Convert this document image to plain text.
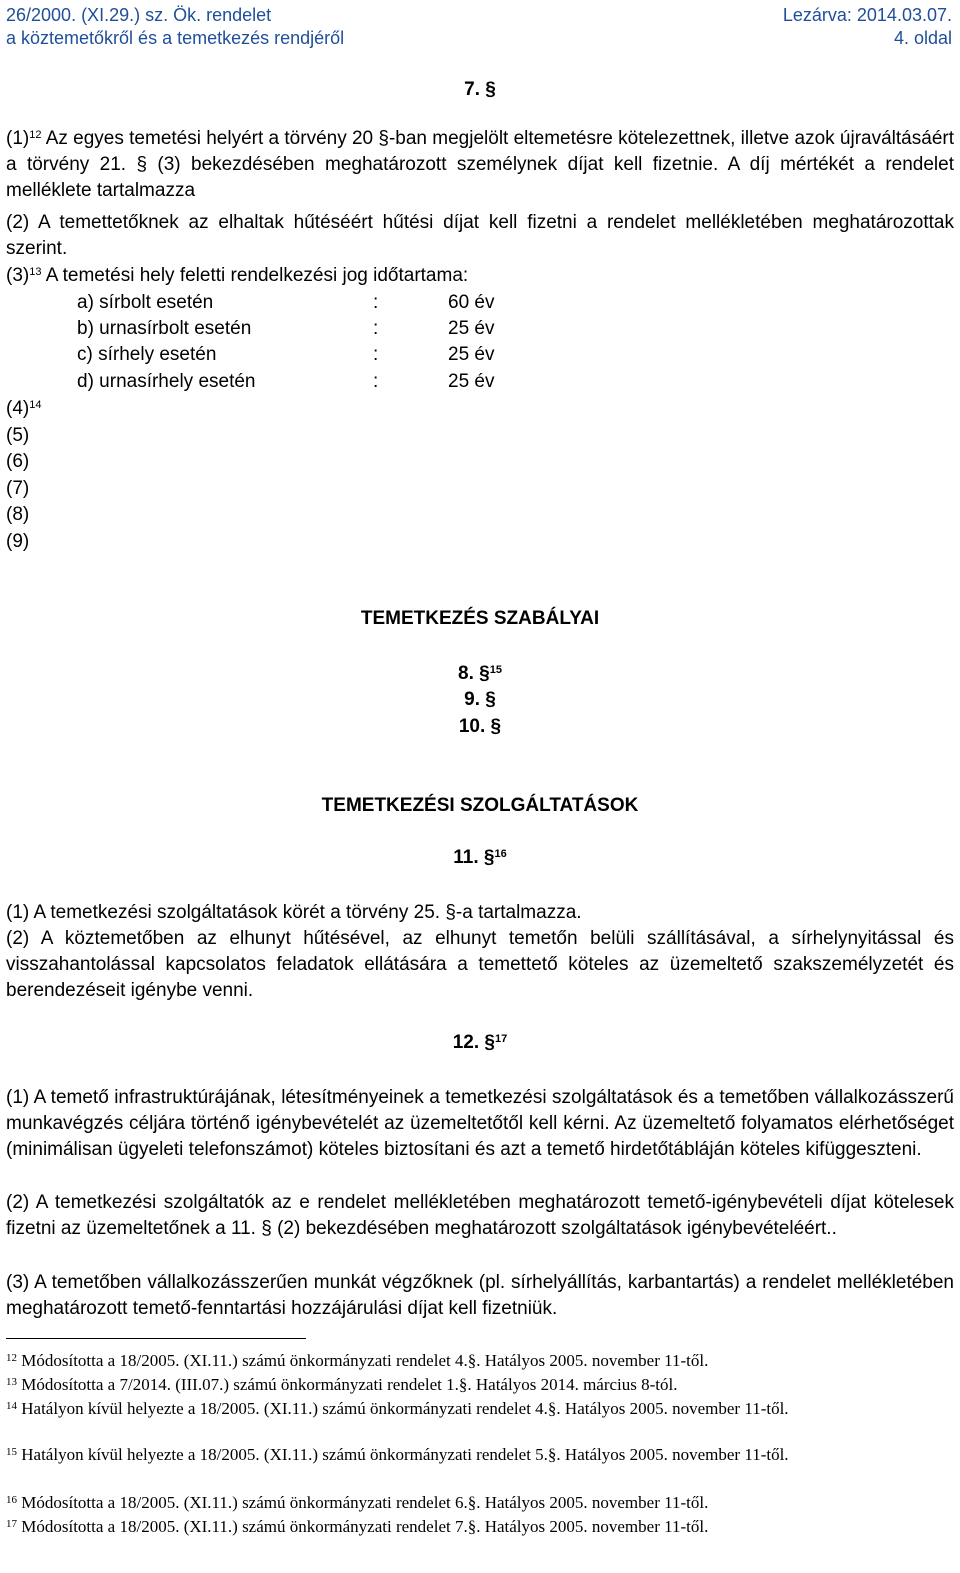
26/2000. (XI.29.) sz. Ök. rendelet
a köztemetőkről és a temetkezés rendjéről
Lezárva: 2014.03.07.
4. oldal
7. §

$(1)^{12}$ Az egyes temetési helyért a törvény 20 §-ban megjelölt eltemetésre kötelezettnek, illetve azok újraváltásáért a törvény 21. § (3) bekezdésében meghatározott személynek díjat kell fizetnie. A díj mértékét a rendelet melléklete tartalmazza

(2) A temettetőknek az elhaltak hűtéséért hűtési díjat kell fizetni a rendelet mellékletében meghatározottak szerint.

$(3)^{13}$ A temetési hely feletti rendelkezési jog időtartama:

a) sírbolt esetén	:	60 év
b) urnasírbolt esetén	:	25 év
c) sírhely esetén	:	25 év
d) urnasírhely esetén	:	25 év
$(4)^{14}$
(5)
(6)
(7)
(8)
(9)
TEMETKEZÉS SZABÁLYAI
8. §$^{15}$
9. §
10. §
TEMETKEZÉSI SZOLGÁLTATÁSOK
11. §$^{16}$

(1) A temetkezési szolgáltatások körét a törvény 25. §-a tartalmazza.

(2) A köztemetőben az elhunyt hűtésével, az elhunyt temetőn belüli szállításával, a sírhelynyitással és visszahantolással kapcsolatos feladatok ellátására a temettető köteles az üzemeltető szakszemélyzetét és berendezéseit igénybe venni.

12. §$^{17}$

(1) A temető infrastruktúrájának, létesítményeinek a temetkezési szolgáltatások és a temetőben vállalkozásszerű munkavégzés céljára történő igénybevételét az üzemeltetőtől kell kérni. Az üzemeltető folyamatos elérhetőséget (minimálisan ügyeleti telefonszámot) köteles biztosítani és azt a temető hirdetőtábláján köteles kifüggeszteni.

(2) A temetkezési szolgáltatók az e rendelet mellékletében meghatározott temető-igénybevételi díjat kötelesek fizetni az üzemeltetőnek a 11. § (2) bekezdésében meghatározott szolgáltatások igénybevételéért..

(3) A temetőben vállalkozásszerűen munkát végzőknek (pl. sírhelyállítás, karbantartás) a rendelet mellékletében meghatározott temető-fenntartási hozzájárulási díjat kell fizetniük.

$^{12}$ Módosította a 18/2005. (XI.11.) számú önkormányzati rendelet 4.§. Hatályos 2005. november 11-től.
$^{13}$ Módosította a 7/2014. (III.07.) számú önkormányzati rendelet 1.§. Hatályos 2014. március 8-tól.
$^{14}$ Hatályon kívül helyezte a 18/2005. (XI.11.) számú önkormányzati rendelet 4.§. Hatályos 2005. november 11-től.
$^{15}$ Hatályon kívül helyezte a 18/2005. (XI.11.) számú önkormányzati rendelet 5.§. Hatályos 2005. november 11-től.
$^{16}$ Módosította a 18/2005. (XI.11.) számú önkormányzati rendelet 6.§. Hatályos 2005. november 11-től.
$^{17}$ Módosította a 18/2005. (XI.11.) számú önkormányzati rendelet 7.§. Hatályos 2005. november 11-től.
